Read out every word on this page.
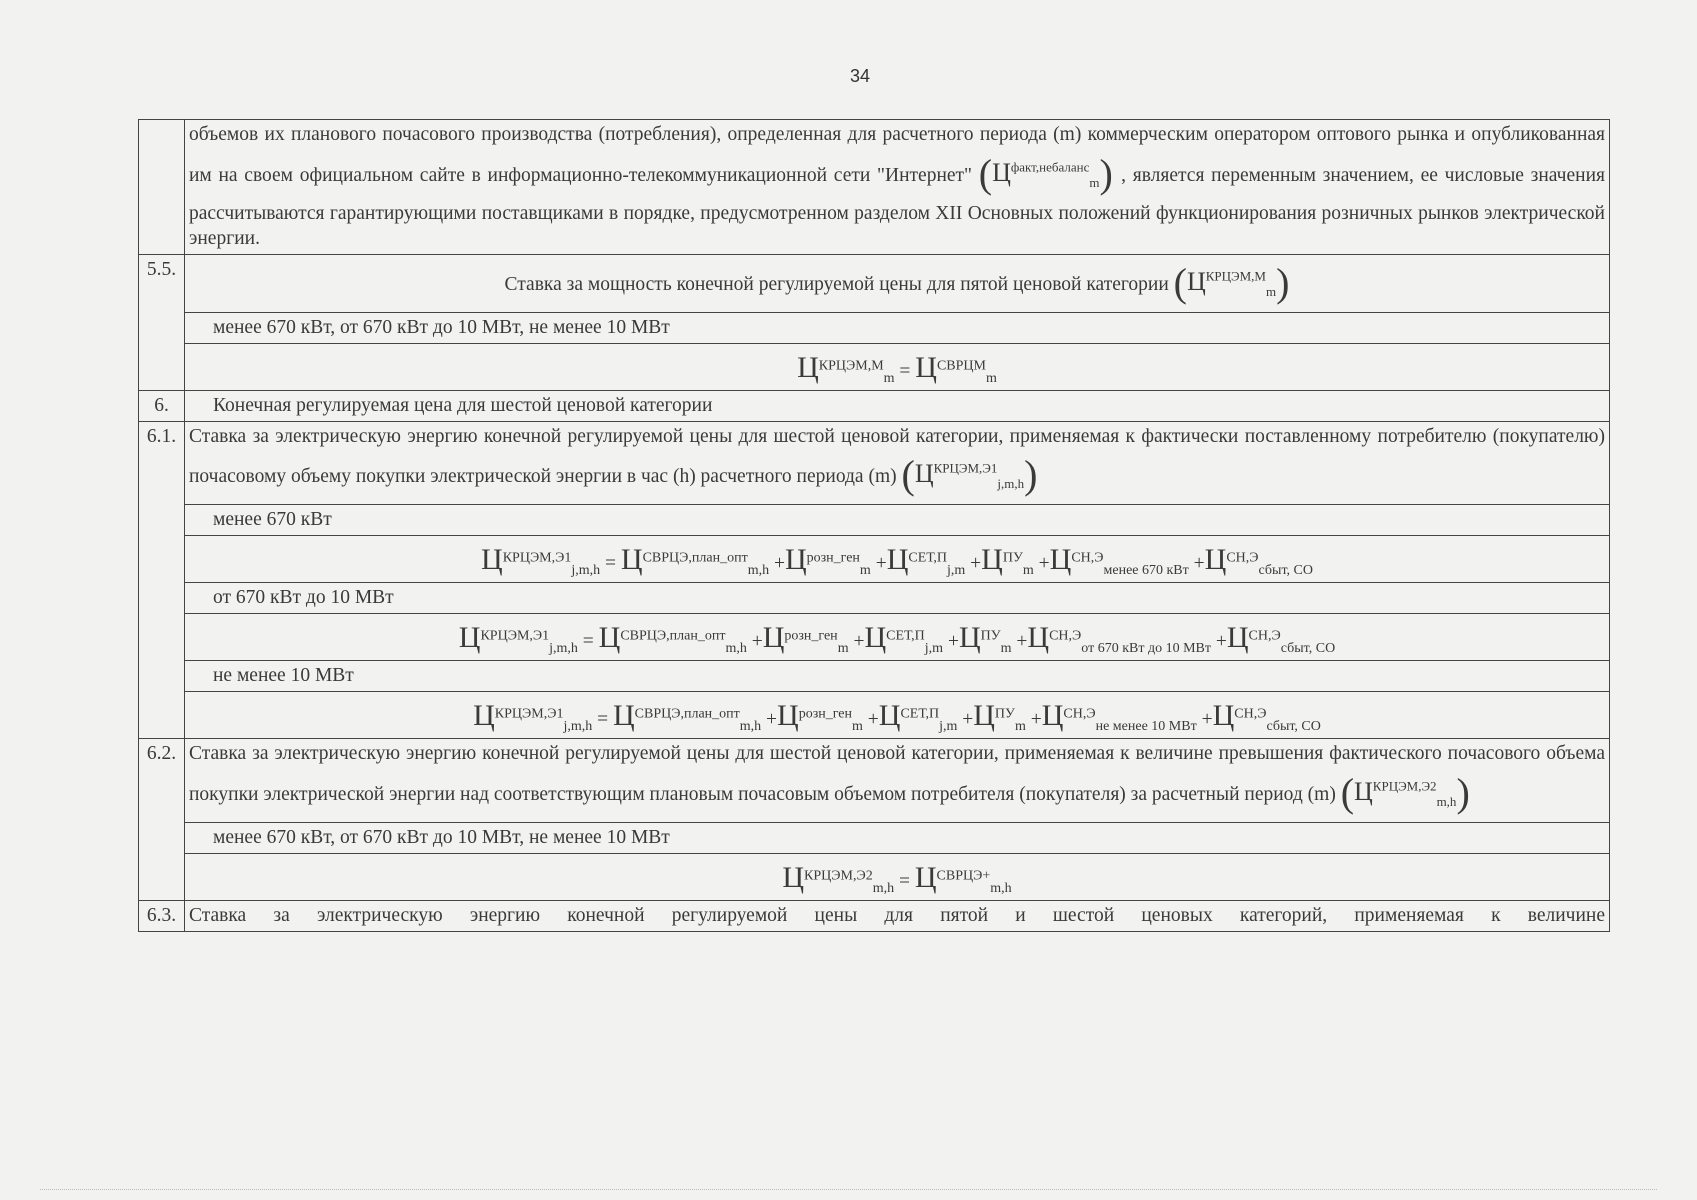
34
	объемов их планового почасового производства (потребления), определенная для расчетного периода (m) коммерческим оператором оптового рынка и опубликованная им на своем официальном сайте в информационно-телекоммуникационной сети "Интернет" $(Ц^{факт,небаланс}_m)$ , является переменным значением, ее числовые значения рассчитываются гарантирующими поставщиками в порядке, предусмотренном разделом XII Основных положений функционирования розничных рынков электрической энергии.
5.5.	Ставка за мощность конечной регулируемой цены для пятой ценовой категории $(Ц^{КРЦЭМ,М}_m)$
	менее 670 кВт, от 670 кВт до 10 МВт, не менее 10 МВт
	$Ц^{КРЦЭМ,М}_m = Ц^{СВРЦМ}_m$
6.	Конечная регулируемая цена для шестой ценовой категории
6.1.	Ставка за электрическую энергию конечной регулируемой цены для шестой ценовой категории, применяемая к фактически поставленному потребителю (покупателю) почасовому объему покупки электрической энергии в час (h) расчетного периода (m) $(Ц^{КРЦЭМ,Э1}_{j,m,h})$
	менее 670 кВт
	$Ц^{КРЦЭМ,Э1}_{j,m,h} = Ц^{СВРЦЭ,план\_опт}_{m,h} +Ц^{розн\_ген}_m +Ц^{СЕТ,П}_{j,m} +Ц^{ПУ}_m +Ц^{СН,Э}_{менее 670 кВт} +Ц^{СН,Э}_{сбыт, СО}$
	от 670 кВт до 10 МВт
	$Ц^{КРЦЭМ,Э1}_{j,m,h} = Ц^{СВРЦЭ,план\_опт}_{m,h} +Ц^{розн\_ген}_m +Ц^{СЕТ,П}_{j,m} +Ц^{ПУ}_m +Ц^{СН,Э}_{от 670 кВт до 10 МВт} +Ц^{СН,Э}_{сбыт, СО}$
	не менее 10 МВт
	$Ц^{КРЦЭМ,Э1}_{j,m,h} = Ц^{СВРЦЭ,план\_опт}_{m,h} +Ц^{розн\_ген}_m +Ц^{СЕТ,П}_{j,m} +Ц^{ПУ}_m +Ц^{СН,Э}_{не менее 10 МВт} +Ц^{СН,Э}_{сбыт, СО}$
6.2.	Ставка за электрическую энергию конечной регулируемой цены для шестой ценовой категории, применяемая к величине превышения фактического почасового объема покупки электрической энергии над соответствующим плановым почасовым объемом потребителя (покупателя) за расчетный период (m) $(Ц^{КРЦЭМ,Э2}_{m,h})$
	менее 670 кВт, от 670 кВт до 10 МВт, не менее 10 МВт
	$Ц^{КРЦЭМ,Э2}_{m,h} = Ц^{СВРЦЭ+}_{m,h}$
6.3.	Ставка за электрическую энергию конечной регулируемой цены для пятой и шестой ценовых категорий, применяемая к величине
